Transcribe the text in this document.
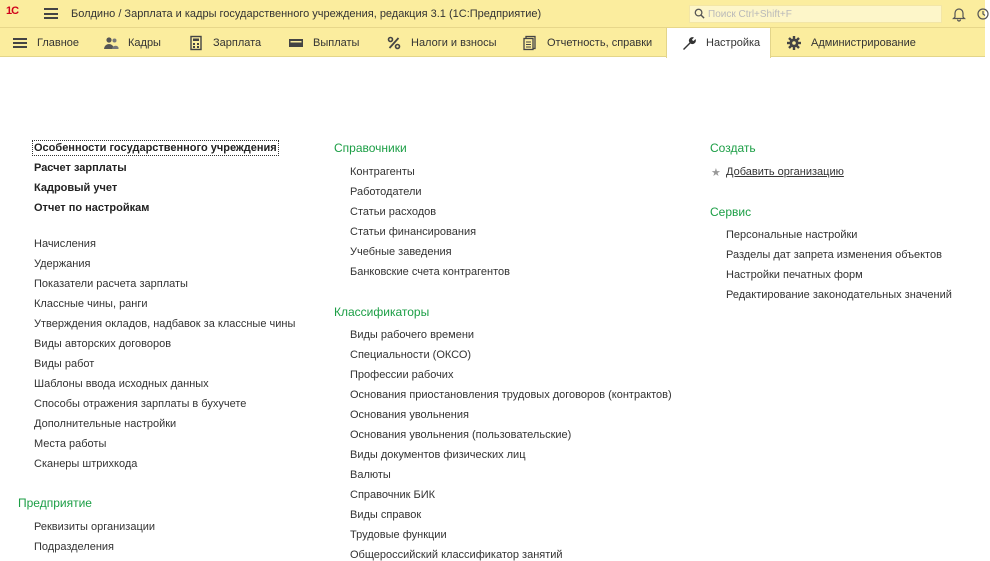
$^{1С}$	Болдино / Зарплата и кадры государственного учреждения, редакция 3.1 (1С:Предприятие)
Поиск Ctrl+Shift+F
Главное	Кадры	Зарплата	Выплаты	Налоги и взносы	Отчетность, справки	Настройка	Администрирование
Особенности государственного учреждения
Расчет зарплаты
Кадровый учет
Отчет по настройкам
Начисления
Удержания
Показатели расчета зарплаты
Классные чины, ранги
Утверждения окладов, надбавок за классные чины
Виды авторских договоров
Виды работ
Шаблоны ввода исходных данных
Способы отражения зарплаты в бухучете
Дополнительные настройки
Места работы
Сканеры штрихкода
Предприятие
Реквизиты организации
Подразделения
Справочники
Контрагенты
Работодатели
Статьи расходов
Статьи финансирования
Учебные заведения
Банковские счета контрагентов
Классификаторы
Виды рабочего времени
Специальности (ОКСО)
Профессии рабочих
Основания приостановления трудовых договоров (контрактов)
Основания увольнения
Основания увольнения (пользовательские)
Виды документов физических лиц
Валюты
Справочник БИК
Виды справок
Трудовые функции
Общероссийский классификатор занятий
Создать
★ Добавить организацию
Сервис
Персональные настройки
Разделы дат запрета изменения объектов
Настройки печатных форм
Редактирование законодательных значений
